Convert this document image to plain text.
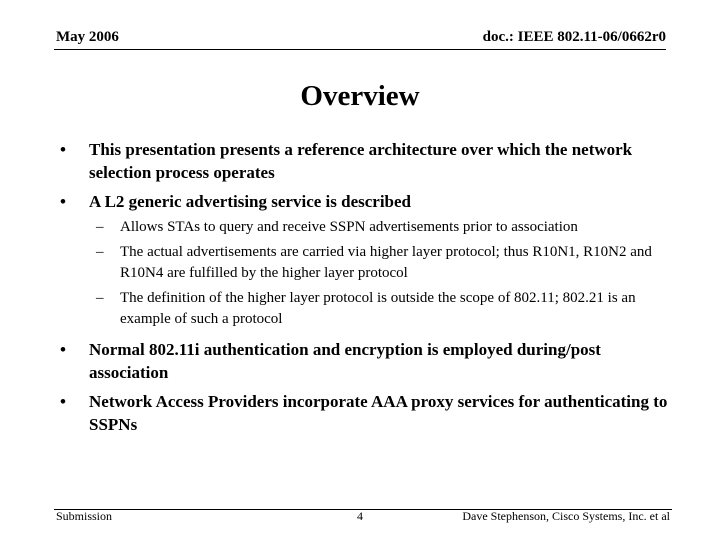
May 2006	doc.: IEEE 802.11-06/0662r0
Overview
• This presentation presents a reference architecture over which the network selection process operates
• A L2 generic advertising service is described
– Allows STAs to query and receive SSPN advertisements prior to association
– The actual advertisements are carried via higher layer protocol; thus R10N1, R10N2 and R10N4 are fulfilled by the higher layer protocol
– The definition of the higher layer protocol is outside the scope of 802.11; 802.21 is an example of such a protocol
• Normal 802.11i authentication and encryption is employed during/post association
• Network Access Providers incorporate AAA proxy services for authenticating to SSPNs
Submission	4	Dave Stephenson, Cisco Systems, Inc. et al
